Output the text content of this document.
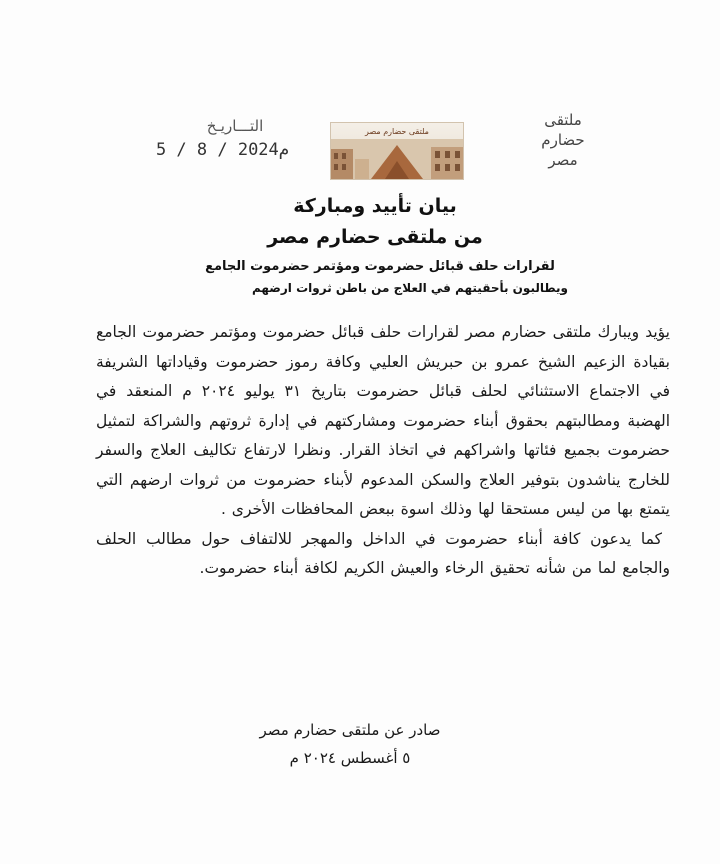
ملتقى
حضارم
مصر
ملتقى حضارم مصر
التـــاريـخ
5 / 8 / 2024م
بيان تأييد ومباركة
من ملتقى حضارم مصر
لقرارات حلف قبائل حضرموت ومؤتمر حضرموت الجامع
ويطالبون بأحقيتهم في العلاج من باطن ثروات ارضهم

يؤيد ويبارك ملتقى حضارم مصر لقرارات حلف قبائل حضرموت ومؤتمر حضرموت الجامع بقيادة الزعيم الشيخ عمرو بن حبريش العليي وكافة رموز حضرموت وقياداتها الشريفة في الاجتماع الاستثنائي لحلف قبائل حضرموت بتاريخ ٣١ يوليو ٢٠٢٤ م المنعقد في الهضبة ومطالبتهم بحقوق أبناء حضرموت ومشاركتهم في إدارة ثروتهم والشراكة لتمثيل حضرموت بجميع فئاتها واشراكهم في اتخاذ القرار. ونظرا لارتفاع تكاليف العلاج والسفر للخارج يناشدون بتوفير العلاج والسكن المدعوم لأبناء حضرموت من ثروات ارضهم التي يتمتع بها من ليس مستحقا لها وذلك اسوة ببعض المحافظات الأخرى .

كما يدعون كافة أبناء حضرموت في الداخل والمهجر للالتفاف حول مطالب الحلف والجامع لما من شأنه تحقيق الرخاء والعيش الكريم لكافة أبناء حضرموت.

صادر عن ملتقى حضارم مصر
٥ أغسطس ٢٠٢٤ م
